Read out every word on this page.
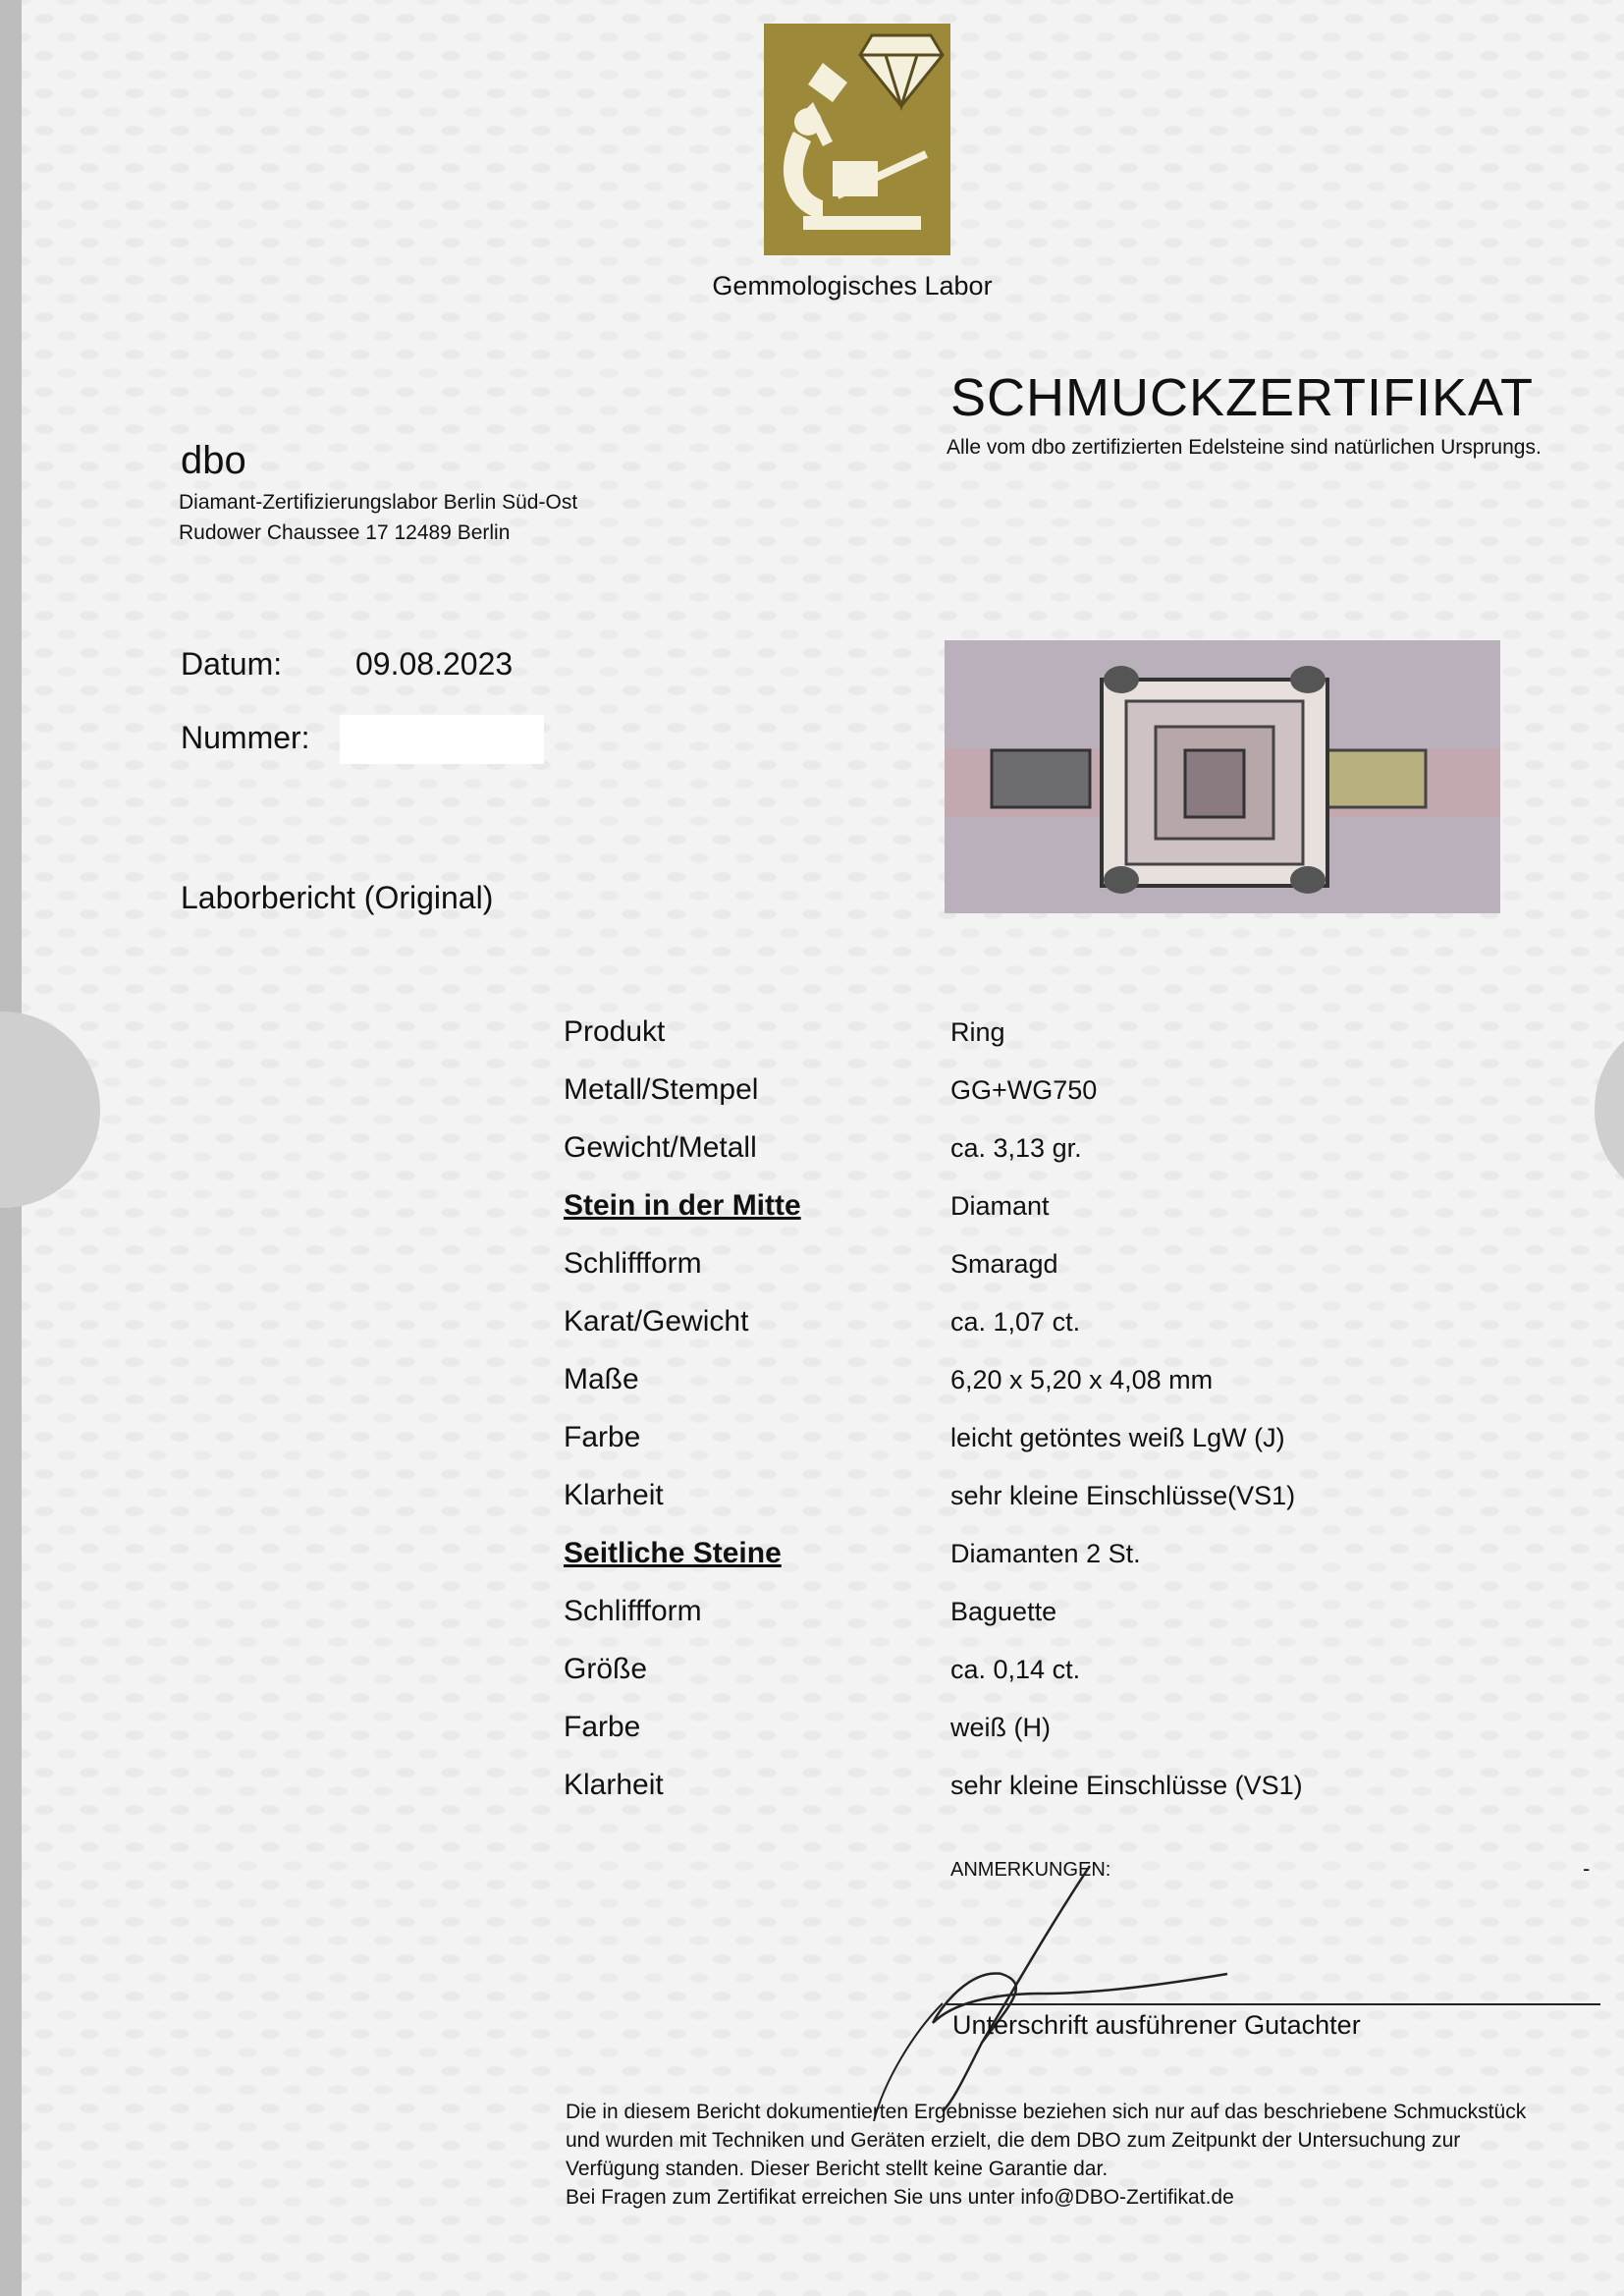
Gemmologisches Labor
SCHMUCKZERTIFIKAT
Alle vom dbo zertifizierten Edelsteine sind natürlichen Ursprungs.
dbo
Diamant-Zertifizierungslabor Berlin Süd-Ost
Rudower Chaussee 17 12489 Berlin
Datum: 09.08.2023
Nummer:
Laborbericht (Original)
Produkt	Ring
Metall/Stempel	GG+WG750
Gewicht/Metall	ca. 3,13 gr.
Stein in der Mitte	Diamant
Schliffform	Smaragd
Karat/Gewicht	ca. 1,07 ct.
Maße	6,20 x 5,20 x 4,08 mm
Farbe	leicht getöntes weiß LgW (J)
Klarheit	sehr kleine Einschlüsse(VS1)
Seitliche Steine	Diamanten 2 St.
Schliffform	Baguette
Größe	ca. 0,14 ct.
Farbe	weiß (H)
Klarheit	sehr kleine Einschlüsse (VS1)
ANMERKUNGEN:	-
Unterschrift ausführener Gutachter
Die in diesem Bericht dokumentierten Ergebnisse beziehen sich nur auf das beschriebene Schmuckstück
und wurden mit Techniken und Geräten erzielt, die dem DBO zum Zeitpunkt der Untersuchung zur
Verfügung standen. Dieser Bericht stellt keine Garantie dar.
Bei Fragen zum Zertifikat erreichen Sie uns unter info@DBO-Zertifikat.de
